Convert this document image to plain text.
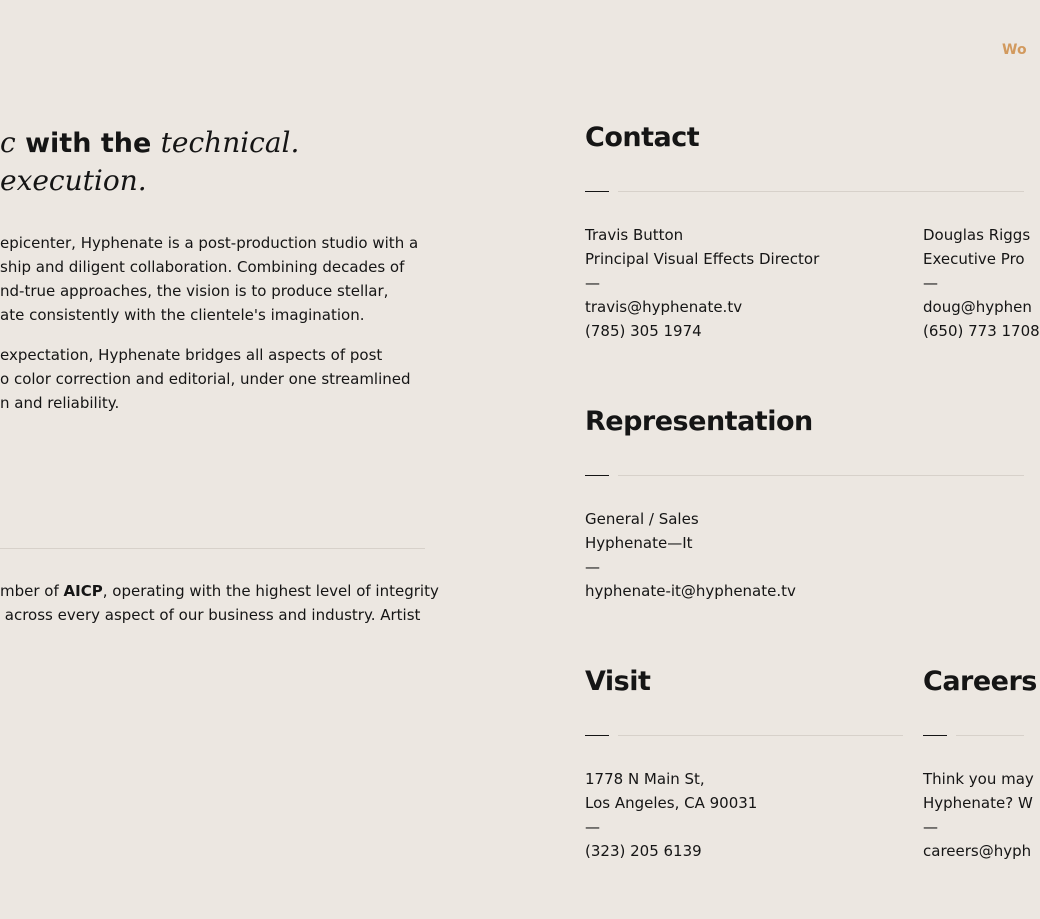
Wo
c with the technical.
execution.
epicenter, Hyphenate is a post-production studio with a
ship and diligent collaboration. Combining decades of
nd-true approaches, the vision is to produce stellar,
ate consistently with the clientele's imagination.
expectation, Hyphenate bridges all aspects of post
o color correction and editorial, under one streamlined
n and reliability.
mber of AICP, operating with the highest level of integrity
across every aspect of our business and industry. Artist
Contact
Travis Button
Principal Visual Effects Director
—
travis@hyphenate.tv
(785) 305 1974
Douglas Riggs
Executive Pro
—
doug@hyphen
(650) 773 1708
Representation
General / Sales
Hyphenate—It
—
hyphenate-it@hyphenate.tv
Visit
1778 N Main St,
Los Angeles, CA 90031
—
(323) 205 6139
Careers
Think you may
Hyphenate? W
—
careers@hyph
